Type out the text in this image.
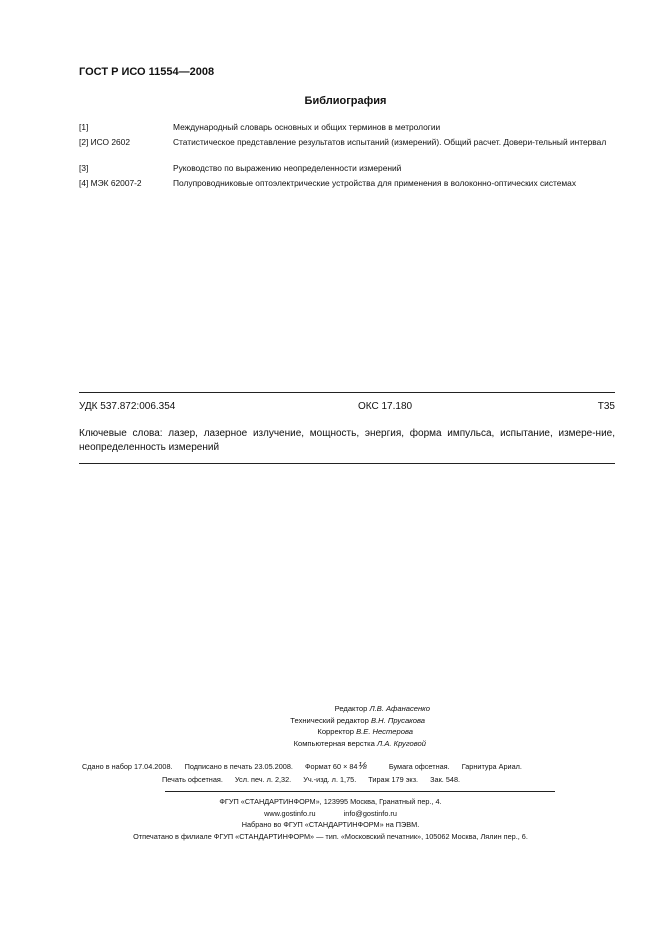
ГОСТ Р ИСО 11554—2008
Библиография
[1]	Международный словарь основных и общих терминов в метрологии
[2] ИСО 2602	Статистическое представление результатов испытаний (измерений). Общий расчет. Довери-тельный интервал
[3]	Руководство по выражению неопределенности измерений
[4] МЭК 62007-2	Полупроводниковые оптоэлектрические устройства для применения в волоконно-оптических системах
УДК 537.872:006.354	ОКС 17.180	Т35
Ключевые слова: лазер, лазерное излучение, мощность, энергия, форма импульса, испытание, измере-ние, неопределенность измерений
Редактор Л.В. Афанасенко
Технический редактор В.Н. Прусакова
Корректор В.Е. Нестерова
Компьютерная верстка Л.А. Круговой
Сдано в набор 17.04.2008. Подписано в печать 23.05.2008. Формат 60 × 84⅛	Бумага офсетная. Гарнитура Ариал.
Печать офсетная. Усл. печ. л. 2,32. Уч.-изд. л. 1,75. Тираж 179 экз. Зак. 548.
ФГУП «СТАНДАРТИНФОРМ», 123995 Москва, Гранатный пер., 4.
www.gostinfo.ru	info@gostinfo.ru
Набрано во ФГУП «СТАНДАРТИНФОРМ» на ПЭВМ.
Отпечатано в филиале ФГУП «СТАНДАРТИНФОРМ» — тип. «Московский печатник», 105062 Москва, Лялин пер., 6.
